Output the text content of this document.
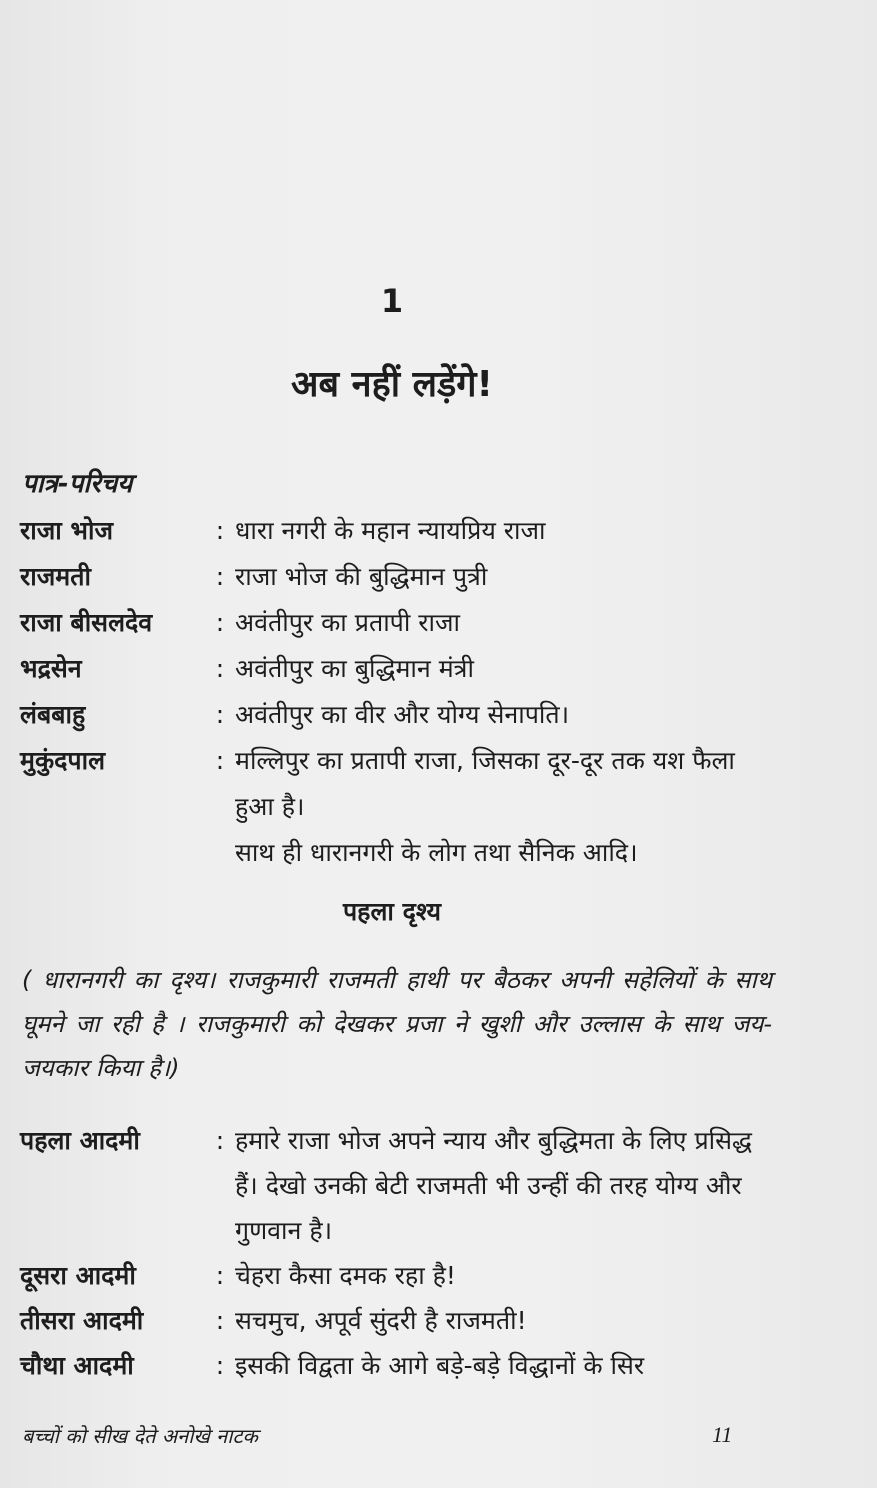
1
अब नहीं लड़ेंगे!
पात्र-परिचय
राजा भोज	: धारा नगरी के महान न्यायप्रिय राजा
राजमती	: राजा भोज की बुद्धिमान पुत्री
राजा बीसलदेव	: अवंतीपुर का प्रतापी राजा
भद्रसेन	: अवंतीपुर का बुद्धिमान मंत्री
लंबबाहु	: अवंतीपुर का वीर और योग्य सेनापति।
मुकुंदपाल	: मल्लिपुर का प्रतापी राजा, जिसका दूर-दूर तक यश फैला हुआ है।
साथ ही धारानगरी के लोग तथा सैनिक आदि।
पहला दृश्य
( धारानगरी का दृश्य। राजकुमारी राजमती हाथी पर बैठकर अपनी सहेलियों के साथ घूमने जा रही है । राजकुमारी को देखकर प्रजा ने खुशी और उल्लास के साथ जय-जयकार किया है।)
पहला आदमी	: हमारे राजा भोज अपने न्याय और बुद्धिमता के लिए प्रसिद्ध हैं। देखो उनकी बेटी राजमती भी उन्हीं की तरह योग्य और गुणवान है।
दूसरा आदमी	: चेहरा कैसा दमक रहा है!
तीसरा आदमी	: सचमुच, अपूर्व सुंदरी है राजमती!
चौथा आदमी	: इसकी विद्वता के आगे बड़े-बड़े विद्धानों के सिर
बच्चों को सीख देते अनोखे नाटक	11
